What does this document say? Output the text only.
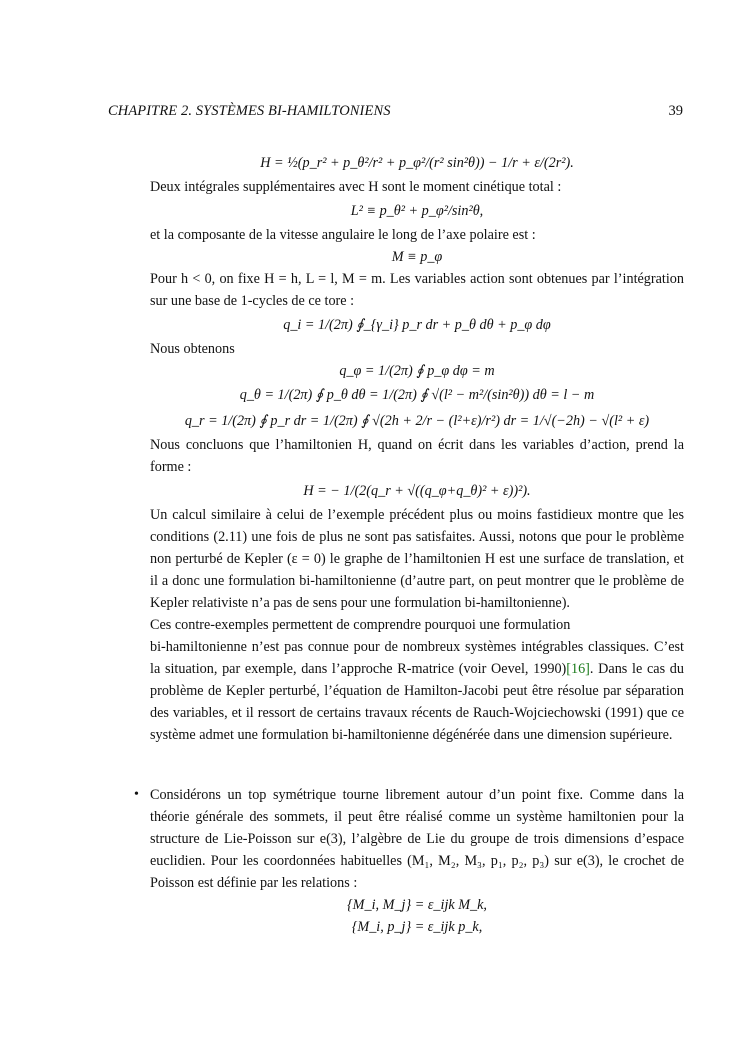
CHAPITRE 2. SYSTÈMES BI-HAMILTONIENS	39

H = ½(p_r² + p_θ²/r² + p_φ²/(r² sin²θ)) − 1/r + ε/(2r²).

Deux intégrales supplémentaires avec H sont le moment cinétique total :

L² ≡ p_θ² + p_φ²/sin²θ,

et la composante de la vitesse angulaire le long de l’axe polaire est :

M ≡ p_φ

Pour h < 0, on fixe H = h, L = l, M = m. Les variables action sont obtenues par l’intégration sur une base de 1-cycles de ce tore :

q_i = 1/(2π) ∮_{γ_i} p_r dr + p_θ dθ + p_φ dφ

Nous obtenons

q_φ = 1/(2π) ∮ p_φ dφ = m

q_θ = 1/(2π) ∮ p_θ dθ = 1/(2π) ∮ √(l² − m²/(sin²θ)) dθ = l − m

q_r = 1/(2π) ∮ p_r dr = 1/(2π) ∮ √(2h + 2/r − (l²+ε)/r²) dr = 1/√(−2h) − √(l² + ε)

Nous concluons que l’hamiltonien H, quand on écrit dans les variables d’action, prend la forme :

H = − 1/(2(q_r + √((q_φ+q_θ)² + ε))²).

Un calcul similaire à celui de l’exemple précédent plus ou moins fastidieux montre que les conditions (2.11) une fois de plus ne sont pas satisfaites. Aussi, notons que pour le problème non perturbé de Kepler (ε = 0) le graphe de l’hamiltonien H est une surface de translation, et il a donc une formulation bi-hamiltonienne (d’autre part, on peut montrer que le problème de Kepler relativiste n’a pas de sens pour une formulation bi-hamiltonienne).

Ces contre-exemples permettent de comprendre pourquoi une formulation
bi-hamiltonienne n’est pas connue pour de nombreux systèmes intégrables classiques. C’est la situation, par exemple, dans l’approche R-matrice (voir Oevel, 1990)[16]. Dans le cas du problème de Kepler perturbé, l’équation de Hamilton-Jacobi peut être résolue par séparation des variables, et il ressort de certains travaux récents de Rauch-Wojciechowski (1991) que ce système admet une formulation bi-hamiltonienne dégénérée dans une dimension supérieure.

• Considérons un top symétrique tourne librement autour d’un point fixe. Comme dans la théorie générale des sommets, il peut être réalisé comme un système hamiltonien pour la structure de Lie-Poisson sur e(3), l’algèbre de Lie du groupe de trois dimensions d’espace euclidien. Pour les coordonnées habituelles (M₁, M₂, M₃, p₁, p₂, p₃) sur e(3), le crochet de Poisson est définie par les relations :

{M_i, M_j} = ε_ijk M_k,

{M_i, p_j} = ε_ijk p_k,
